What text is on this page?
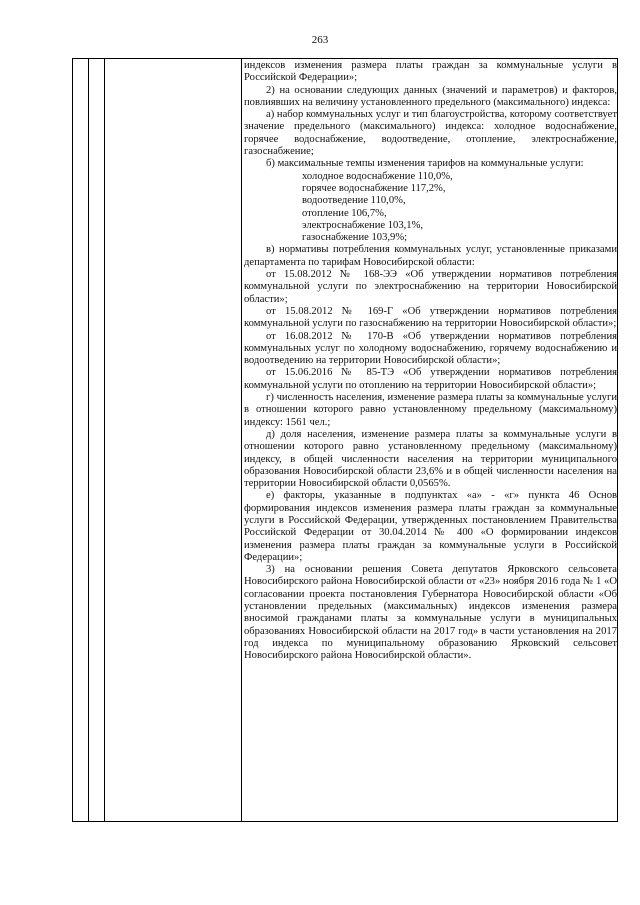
263

индексов изменения размера платы граждан за коммунальные услуги в Российской Федерации»;

2) на основании следующих данных (значений и параметров) и факторов, повлиявших на величину установленного предельного (максимального) индекса:

а) набор коммунальных услуг и тип благоустройства, которому соответствует значение предельного (максимального) индекса: холодное водоснабжение, горячее водоснабжение, водоотведение, отопление, электроснабжение, газоснабжение;

б) максимальные темпы изменения тарифов на коммунальные услуги:

холодное водоснабжение 110,0%,

горячее водоснабжение 117,2%,

водоотведение 110,0%,

отопление 106,7%,

электроснабжение 103,1%,

газоснабжение 103,9%;

в) нормативы потребления коммунальных услуг, установленные приказами департамента по тарифам Новосибирской области:

от 15.08.2012 № 168-ЭЭ «Об утверждении нормативов потребления коммунальной услуги по электроснабжению на территории Новосибирской области»;

от 15.08.2012 № 169-Г «Об утверждении нормативов потребления коммунальной услуги по газоснабжению на территории Новосибирской области»;

от 16.08.2012 № 170-В «Об утверждении нормативов потребления коммунальных услуг по холодному водоснабжению, горячему водоснабжению и водоотведению на территории Новосибирской области»;

от 15.06.2016 № 85-ТЭ «Об утверждении нормативов потребления коммунальной услуги по отоплению на территории Новосибирской области»;

г) численность населения, изменение размера платы за коммунальные услуги в отношении которого равно установленному предельному (максимальному) индексу: 1561 чел.;

д) доля населения, изменение размера платы за коммунальные услуги в отношении которого равно установленному предельному (максимальному) индексу, в общей численности населения на территории муниципального образования Новосибирской области 23,6% и в общей численности населения на территории Новосибирской области 0,0565%.

е) факторы, указанные в подпунктах «а» - «г» пункта 46 Основ формирования индексов изменения размера платы граждан за коммунальные услуги в Российской Федерации, утвержденных постановлением Правительства Российской Федерации от 30.04.2014 № 400 «О формировании индексов изменения размера платы граждан за коммунальные услуги в Российской Федерации»;

3) на основании решения Совета депутатов Ярковского сельсовета Новосибирского района Новосибирской области от «23» ноября 2016 года № 1 «О согласовании проекта постановления Губернатора Новосибирской области «Об установлении предельных (максимальных) индексов изменения размера вносимой гражданами платы за коммунальные услуги в муниципальных образованиях Новосибирской области на 2017 год» в части установления на 2017 год индекса по муниципальному образованию Ярковский сельсовет Новосибирского района Новосибирской области».
